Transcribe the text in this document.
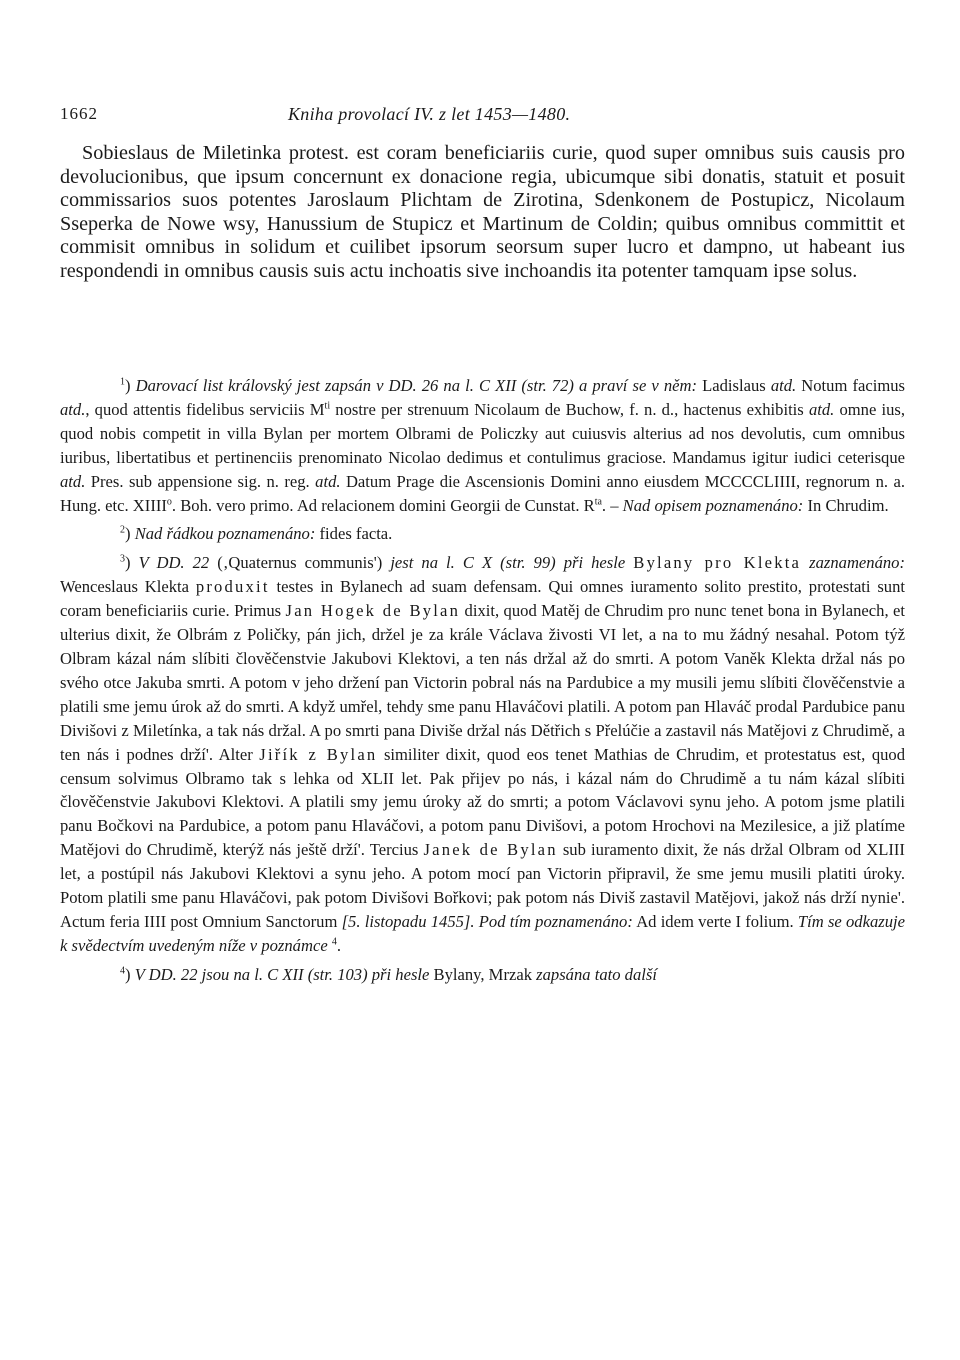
1662	Kniha provolací IV. z let 1453—1480.

Sobieslaus de Miletinka protest. est coram beneficiariis curie, quod super omnibus suis causis pro devolucionibus, que ipsum concernunt ex donacione regia, ubicumque sibi donatis, statuit et posuit commissarios suos potentes Jaroslaum Plichtam de Zirotina, Sdenkonem de Postupicz, Nicolaum Sseperka de Nowe wsy, Hanussium de Stupicz et Martinum de Coldin; quibus omnibus committit et commisit omnibus in solidum et cuilibet ipsorum seorsum super lucro et dampno, ut habeant ius respondendi in omnibus causis suis actu inchoatis sive inchoandis ita potenter tamquam ipse solus.

$^1$) Darovací list královský jest zapsán v DD. 26 na l. C XII (str. 72) a praví se v něm: Ladislaus atd. Notum facimus atd., quod attentis fidelibus serviciis $M^{ti}$ nostre per strenuum Nicolaum de Buchow, f. n. d., hactenus exhibitis atd. omne ius, quod nobis competit in villa Bylan per mortem Olbrami de Policzky aut cuiusvis alterius ad nos devolutis, cum omnibus iuribus, libertatibus et pertinenciis prenominato Nicolao dedimus et contulimus graciose. Mandamus igitur iudici ceterisque atd. Pres. sub appensione sig. n. reg. atd. Datum Prage die Ascensionis Domini anno eiusdem MCCCCLIIII, regnorum n. a. Hung. etc. XIIII$^o$. Boh. vero primo. Ad relacionem domini Georgii de Cunstat. $R^{ta}$. – Nad opisem poznamenáno: In Chrudim.

$^2$) Nad řádkou poznamenáno: fides facta.

$^3$) V DD. 22 (‚Quaternus communis') jest na l. C X (str. 99) při hesle Bylany pro Klekta zaznamenáno: Wenceslaus Klekta produxit testes in Bylanech ad suam defensam. Qui omnes iuramento solito prestito, protestati sunt coram beneficiariis curie. Primus Jan Hogek de Bylan dixit, quod Matěj de Chrudim pro nunc tenet bona in Bylanech, et ulterius dixit, že Olbrám z Poličky, pán jich, držel je za krále Václava živosti VI let, a na to mu žádný nesahal. Potom týž Olbram kázal nám slíbiti člověčenstvie Jakubovi Klektovi, a ten nás držal až do smrti. A potom Vaněk Klekta držal nás po svého otce Jakuba smrti. A potom v jeho držení pan Victorin pobral nás na Pardubice a my musili jemu slíbiti člověčenstvie a platili sme jemu úrok až do smrti. A když umřel, tehdy sme panu Hlaváčovi platili. A potom pan Hlaváč prodal Pardubice panu Divišovi z Miletínka, a tak nás držal. A po smrti pana Diviše držal nás Dětřich s Přelúčie a zastavil nás Matějovi z Chrudimě, a ten nás i podnes drží'. Alter Jiřík z Bylan similiter dixit, quod eos tenet Mathias de Chrudim, et protestatus est, quod censum solvimus Olbramo tak s lehka od XLII let. Pak přijev po nás, i kázal nám do Chrudimě a tu nám kázal slíbiti člověčenstvie Jakubovi Klektovi. A platili smy jemu úroky až do smrti; a potom Václavovi synu jeho. A potom jsme platili panu Bočkovi na Pardubice, a potom panu Hlaváčovi, a potom panu Divišovi, a potom Hrochovi na Mezilesice, a již platíme Matějovi do Chrudimě, kterýž nás ještě drží'. Tercius Janek de Bylan sub iuramento dixit, že nás držal Olbram od XLIII let, a postúpil nás Jakubovi Klektovi a synu jeho. A potom mocí pan Victorin připravil, že sme jemu musili platiti úroky. Potom platili sme panu Hlaváčovi, pak potom Divišovi Bořkovi; pak potom nás Diviš zastavil Matějovi, jakož nás drží nynie'. Actum feria IIII post Omnium Sanctorum [5. listopadu 1455]. Pod tím poznamenáno: Ad idem verte I folium. Tím se odkazuje k svědectvím uvedeným níže v poznámce $^4$.

$^4$) V DD. 22 jsou na l. C XII (str. 103) při hesle Bylany, Mrzak zapsána tato další
